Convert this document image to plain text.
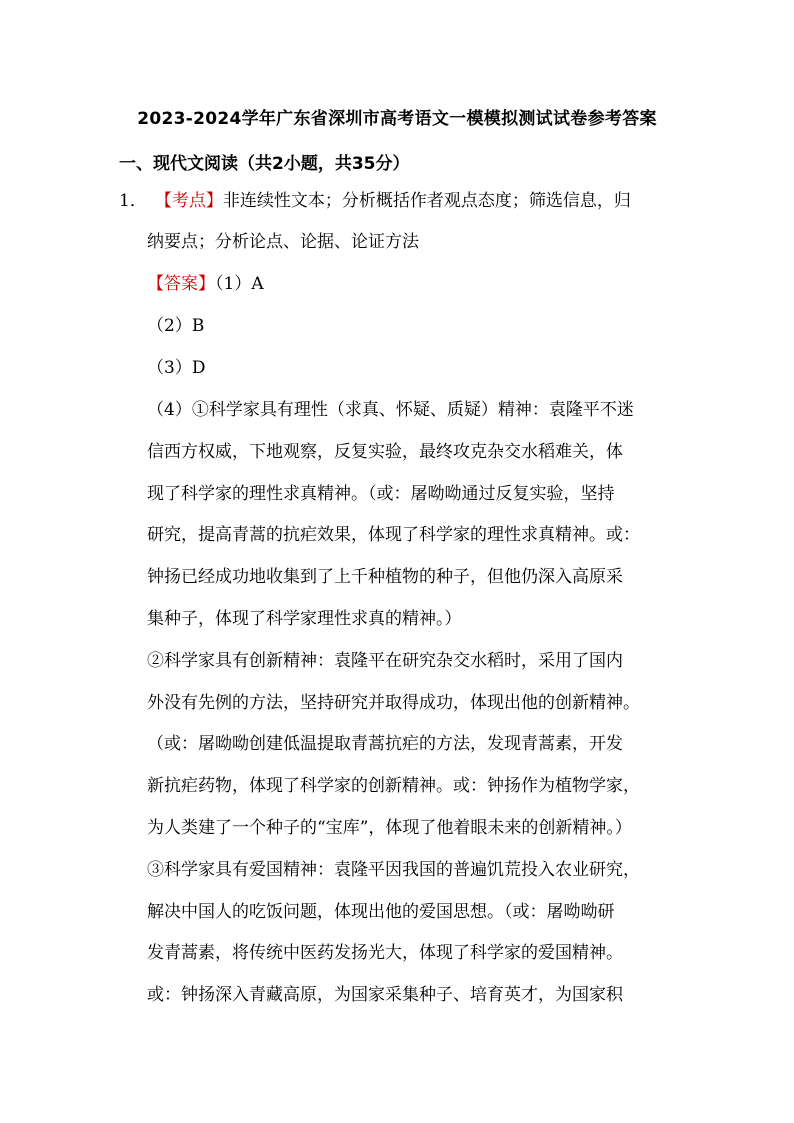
2023-2024学年广东省深圳市高考语文一模模拟测试试卷参考答案
一、现代文阅读（共2小题，共35分）
1． 【考点】非连续性文本；分析概括作者观点态度；筛选信息，归
纳要点；分析论点、论据、论证方法
【答案】（1）A
（2）B
（3）D
（4）①科学家具有理性（求真、怀疑、质疑）精神：袁隆平不迷
信西方权威，下地观察，反复实验，最终攻克杂交水稻难关，体
现了科学家的理性求真精神。（或：屠呦呦通过反复实验，坚持
研究，提高青蒿的抗疟效果，体现了科学家的理性求真精神。或：
钟扬已经成功地收集到了上千种植物的种子，但他仍深入高原采
集种子，体现了科学家理性求真的精神。）
②科学家具有创新精神：袁隆平在研究杂交水稻时，采用了国内
外没有先例的方法，坚持研究并取得成功，体现出他的创新精神。
（或：屠呦呦创建低温提取青蒿抗疟的方法，发现青蒿素，开发
新抗疟药物，体现了科学家的创新精神。或：钟扬作为植物学家，
为人类建了一个种子的“宝库”，体现了他着眼未来的创新精神。）
③科学家具有爱国精神：袁隆平因我国的普遍饥荒投入农业研究，
解决中国人的吃饭问题，体现出他的爱国思想。（或：屠呦呦研
发青蒿素，将传统中医药发扬光大，体现了科学家的爱国精神。
或：钟扬深入青藏高原，为国家采集种子、培育英才，为国家积
